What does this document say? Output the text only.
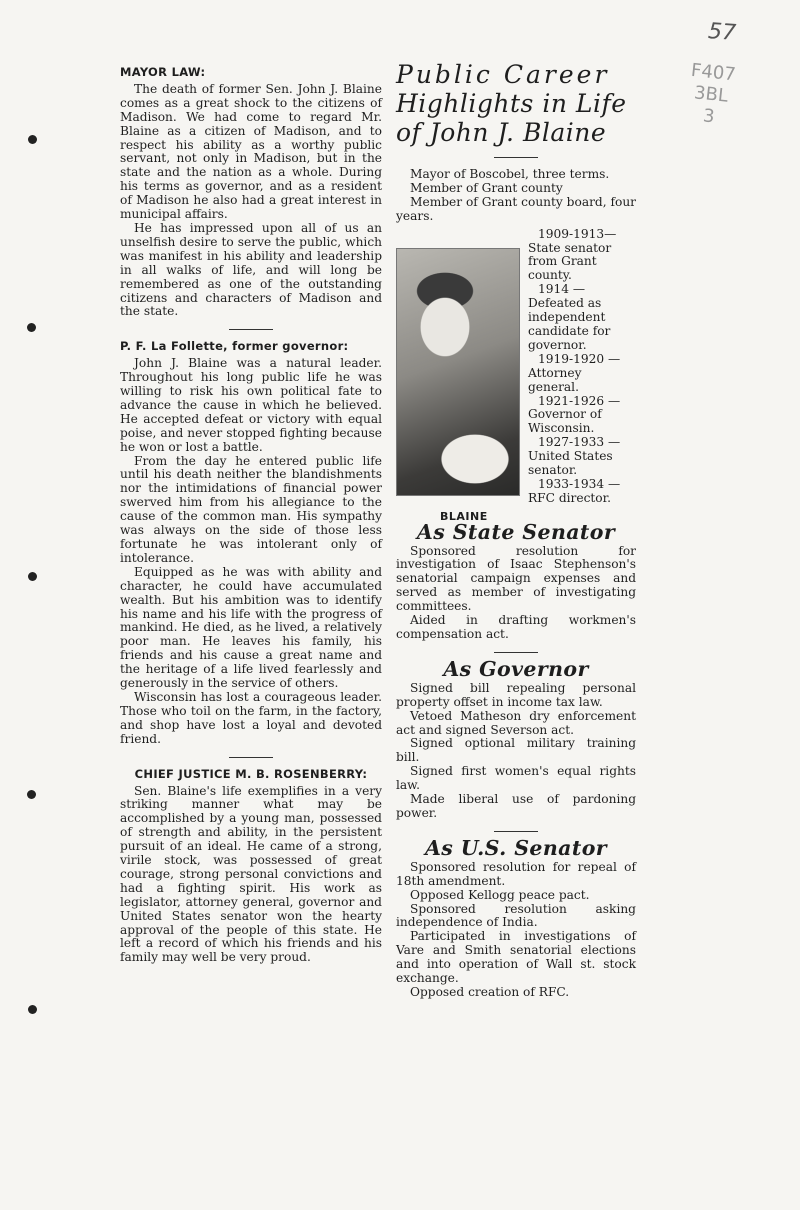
57
F407
3BL
3

MAYOR LAW:

The death of former Sen. John J. Blaine comes as a great shock to the citizens of Madison. We had come to regard Mr. Blaine as a citizen of Madison, and to respect his ability as a worthy public servant, not only in Madison, but in the state and the nation as a whole. During his terms as governor, and as a resident of Madison he also had a great interest in municipal affairs.

He has impressed upon all of us an unselfish desire to serve the public, which was manifest in his ability and leadership in all walks of life, and will long be remembered as one of the outstanding citizens and characters of Madison and the state.

P. F. La Follette, former governor:

John J. Blaine was a natural leader. Throughout his long public life he was willing to risk his own political fate to advance the cause in which he believed. He accepted defeat or victory with equal poise, and never stopped fighting because he won or lost a battle.

From the day he entered public life until his death neither the blandishments nor the intimidations of financial power swerved him from his allegiance to the cause of the common man. His sympathy was always on the side of those less fortunate he was intolerant only of intolerance.

Equipped as he was with ability and character, he could have accumulated wealth. But his ambition was to identify his name and his life with the progress of mankind. He died, as he lived, a relatively poor man. He leaves his family, his friends and his cause a great name and the heritage of a life lived fearlessly and generously in the service of others.

Wisconsin has lost a courageous leader. Those who toil on the farm, in the factory, and shop have lost a loyal and devoted friend.

CHIEF JUSTICE M. B. ROSENBERRY:

Sen. Blaine's life exemplifies in a very striking manner what may be accomplished by a young man, possessed of strength and ability, in the persistent pursuit of an ideal. He came of a strong, virile stock, was possessed of great courage, strong personal convictions and had a fighting spirit. His work as legislator, attorney general, governor and United States senator won the hearty approval of the people of this state. He left a record of which his friends and his family may well be very proud.

Public Career
Highlights in Life
of John J. Blaine

Mayor of Boscobel, three terms.

Member of Grant county

Member of Grant county board, four years.

1909-1913— State senator from Grant county.

1914 — Defeated as independent candidate for governor.

1919-1920 — Attorney general.

1921-1926 — Governor of Wisconsin.

1927-1933 — United States senator.

1933-1934 — RFC director.

BLAINE

As State Senator

Sponsored resolution for investigation of Isaac Stephenson's senatorial campaign expenses and served as member of investigating committees.

Aided in drafting workmen's compensation act.

As Governor

Signed bill repealing personal property offset in income tax law.

Vetoed Matheson dry enforcement act and signed Severson act.

Signed optional military training bill.

Signed first women's equal rights law.

Made liberal use of pardoning power.

As U.S. Senator

Sponsored resolution for repeal of 18th amendment.

Opposed Kellogg peace pact.

Sponsored resolution asking independence of India.

Participated in investigations of Vare and Smith senatorial elections and into operation of Wall st. stock exchange.

Opposed creation of RFC.
